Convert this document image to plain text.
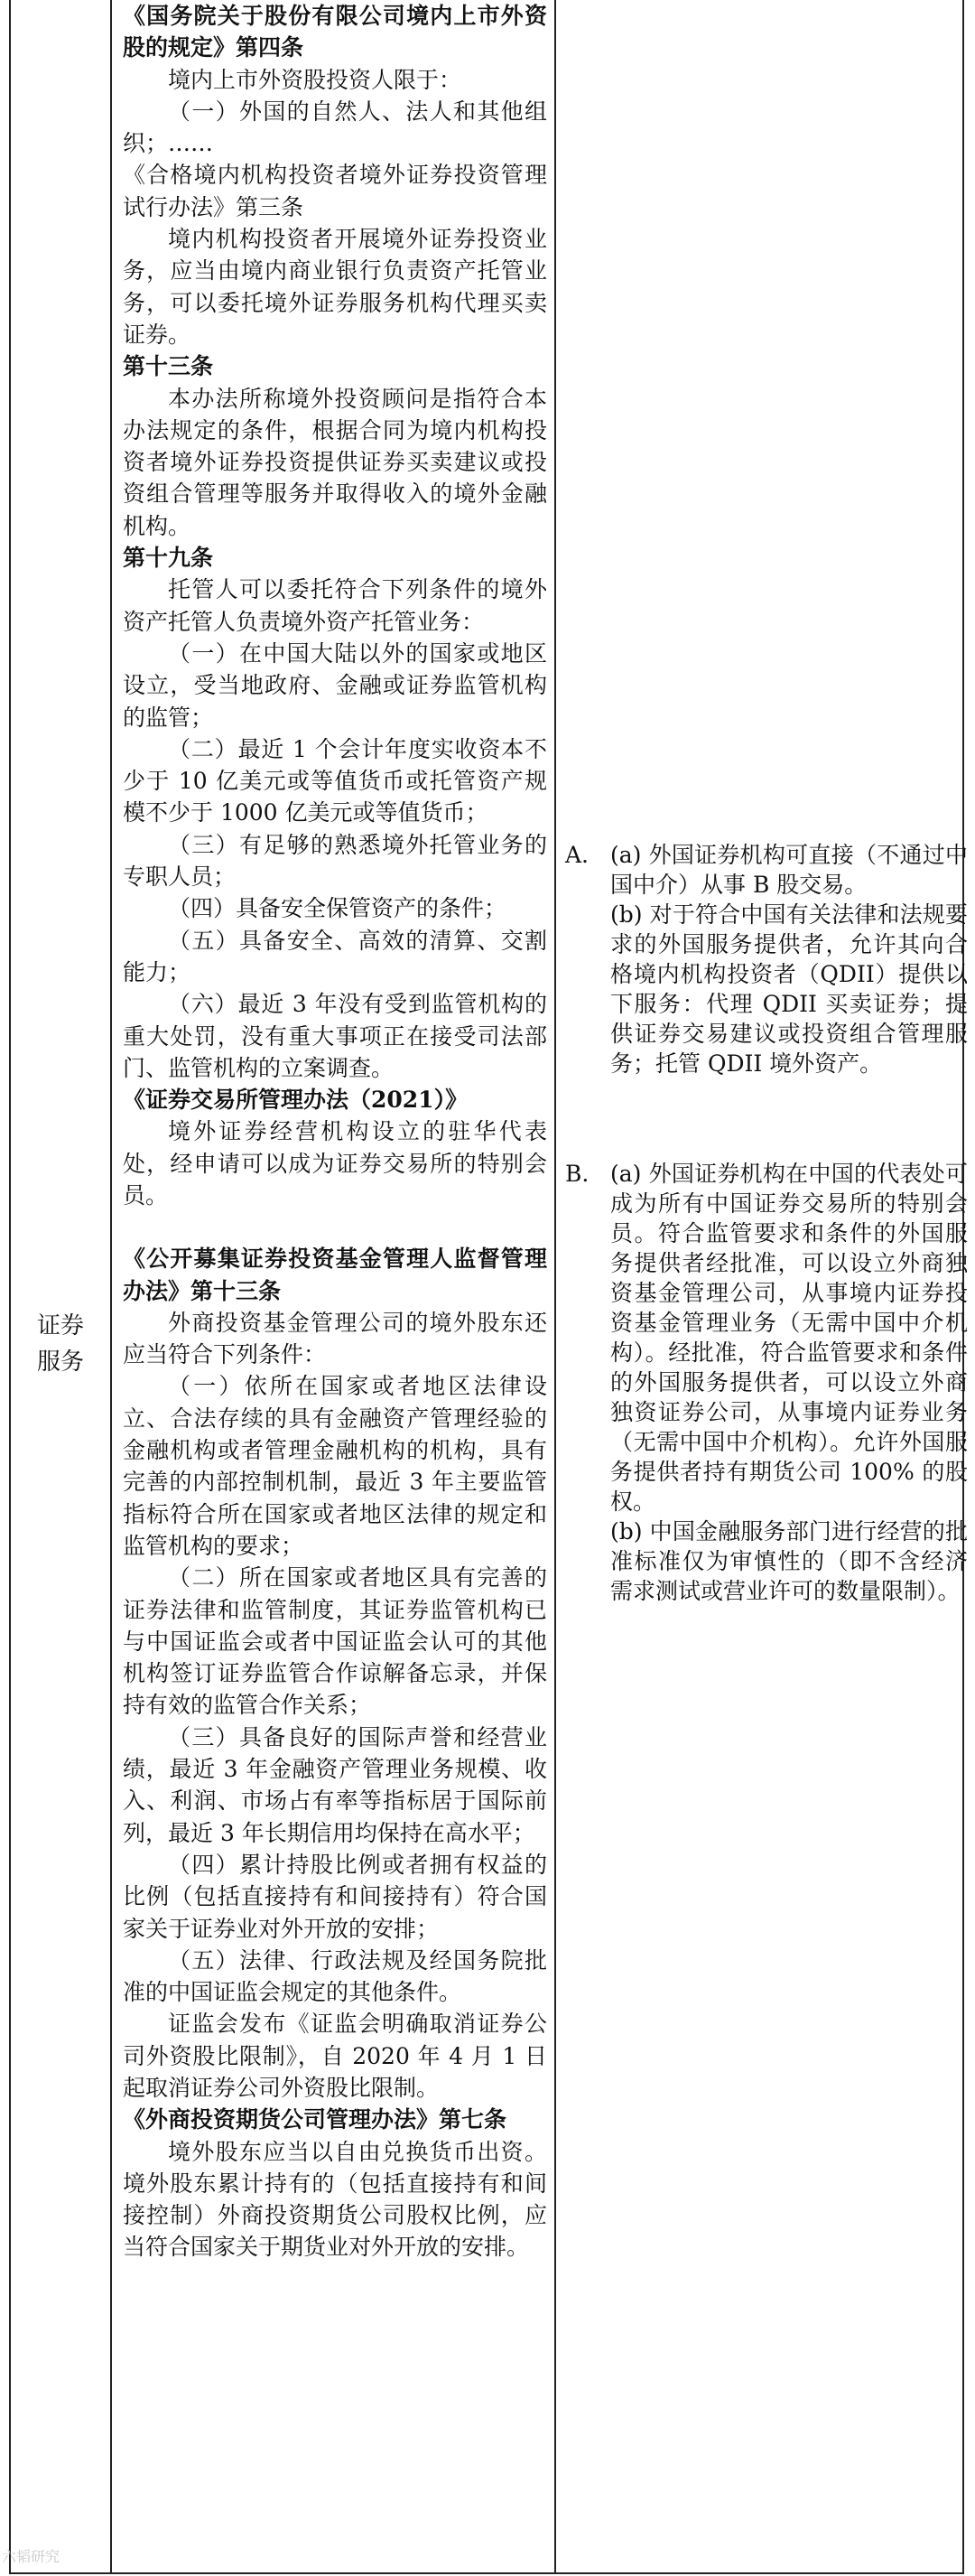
证券服务

《国务院关于股份有限公司境内上市外资股的规定》第四条

境内上市外资股投资人限于：

（一）外国的自然人、法人和其他组织；……

《合格境内机构投资者境外证券投资管理试行办法》第三条

境内机构投资者开展境外证券投资业务，应当由境内商业银行负责资产托管业务，可以委托境外证券服务机构代理买卖证券。

第十三条

本办法所称境外投资顾问是指符合本办法规定的条件，根据合同为境内机构投资者境外证券投资提供证券买卖建议或投资组合管理等服务并取得收入的境外金融机构。

第十九条

托管人可以委托符合下列条件的境外资产托管人负责境外资产托管业务：

（一）在中国大陆以外的国家或地区设立，受当地政府、金融或证券监管机构的监管；

（二）最近 1 个会计年度实收资本不少于 10 亿美元或等值货币或托管资产规模不少于 1000 亿美元或等值货币；

（三）有足够的熟悉境外托管业务的专职人员；

（四）具备安全保管资产的条件；

（五）具备安全、高效的清算、交割能力；

（六）最近 3 年没有受到监管机构的重大处罚，没有重大事项正在接受司法部门、监管机构的立案调查。

《证券交易所管理办法（2021）》

境外证券经营机构设立的驻华代表处，经申请可以成为证券交易所的特别会员。

《公开募集证券投资基金管理人监督管理办法》第十三条

外商投资基金管理公司的境外股东还应当符合下列条件：

（一）依所在国家或者地区法律设立、合法存续的具有金融资产管理经验的金融机构或者管理金融机构的机构，具有完善的内部控制机制，最近 3 年主要监管指标符合所在国家或者地区法律的规定和监管机构的要求；

（二）所在国家或者地区具有完善的证券法律和监管制度，其证券监管机构已与中国证监会或者中国证监会认可的其他机构签订证券监管合作谅解备忘录，并保持有效的监管合作关系；

（三）具备良好的国际声誉和经营业绩，最近 3 年金融资产管理业务规模、收入、利润、市场占有率等指标居于国际前列，最近 3 年长期信用均保持在高水平；

（四）累计持股比例或者拥有权益的比例（包括直接持有和间接持有）符合国家关于证券业对外开放的安排；

（五）法律、行政法规及经国务院批准的中国证监会规定的其他条件。

证监会发布《证监会明确取消证券公司外资股比限制》，自 2020 年 4 月 1 日起取消证券公司外资股比限制。

《外商投资期货公司管理办法》第七条

境外股东应当以自由兑换货币出资。境外股东累计持有的（包括直接持有和间接控制）外商投资期货公司股权比例，应当符合国家关于期货业对外开放的安排。

A. (a) 外国证券机构可直接（不通过中国中介）从事 B 股交易。

(b) 对于符合中国有关法律和法规要求的外国服务提供者，允许其向合格境内机构投资者（QDII）提供以下服务：代理 QDII 买卖证券；提供证券交易建议或投资组合管理服务；托管 QDII 境外资产。

B. (a) 外国证券机构在中国的代表处可成为所有中国证券交易所的特别会员。符合监管要求和条件的外国服务提供者经批准，可以设立外商独资基金管理公司，从事境内证券投资基金管理业务（无需中国中介机构）。经批准，符合监管要求和条件的外国服务提供者，可以设立外商独资证券公司，从事境内证券业务（无需中国中介机构）。允许外国服务提供者持有期货公司 100% 的股权。

(b) 中国金融服务部门进行经营的批准标准仅为审慎性的（即不含经济需求测试或营业许可的数量限制）。

六韬研究
